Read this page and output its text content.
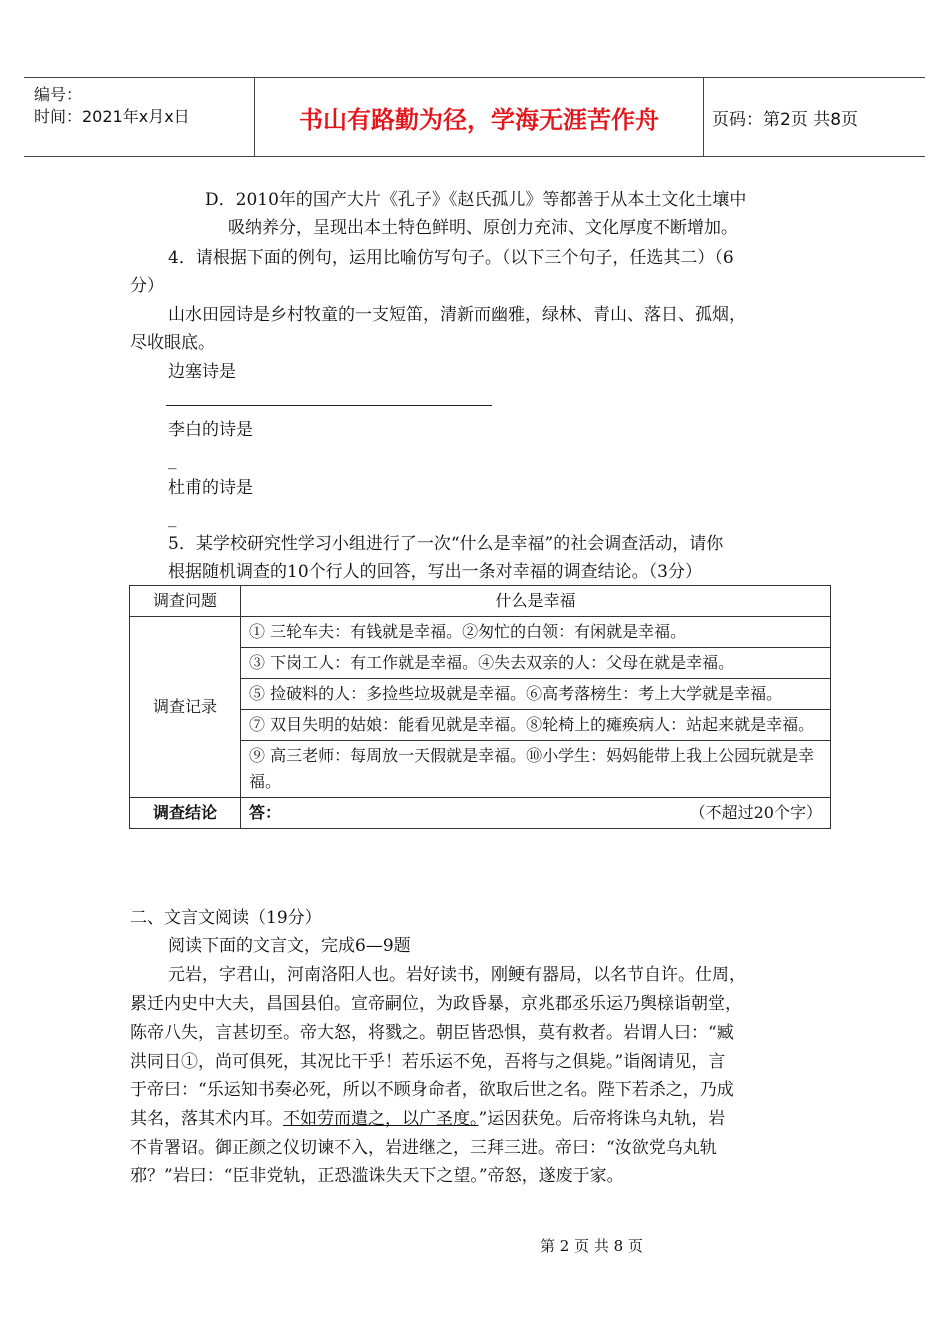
编号：
时间：2021年x月x日	书山有路勤为径，学海无涯苦作舟	页码：第2页 共8页
D．2010年的国产大片《孔子》《赵氏孤儿》等都善于从本土文化土壤中
吸纳养分，呈现出本土特色鲜明、原创力充沛、文化厚度不断增加。
4．请根据下面的例句，运用比喻仿写句子。（以下三个句子，任选其二）（6
分）
山水田园诗是乡村牧童的一支短笛，清新而幽雅，绿林、青山、落日、孤烟，
尽收眼底。
边塞诗是
李白的诗是
_
杜甫的诗是
_
5．某学校研究性学习小组进行了一次“什么是幸福”的社会调查活动，请你
根据随机调查的10个行人的回答，写出一条对幸福的调查结论。（3分）
调查问题	什么是幸福
调查记录	① 三轮车夫：有钱就是幸福。②匆忙的白领：有闲就是幸福。
	③ 下岗工人：有工作就是幸福。④失去双亲的人：父母在就是幸福。
	⑤ 捡破料的人：多捡些垃圾就是幸福。⑥高考落榜生：考上大学就是幸福。
	⑦ 双目失明的姑娘：能看见就是幸福。⑧轮椅上的瘫痪病人：站起来就是幸福。
	⑨ 高三老师：每周放一天假就是幸福。⑩小学生：妈妈能带上我上公园玩就是幸福。
调查结论	答： （不超过20个字）
二、文言文阅读（19分）
阅读下面的文言文，完成6—9题
元岩，字君山，河南洛阳人也。岩好读书，刚鲠有器局，以名节自许。仕周，
累迁内史中大夫，昌国县伯。宣帝嗣位，为政昏暴，京兆郡丞乐运乃舆榇诣朝堂，
陈帝八失，言甚切至。帝大怒，将戮之。朝臣皆恐惧，莫有救者。岩谓人曰：“臧
洪同日①，尚可俱死，其况比干乎！若乐运不免，吾将与之俱毙。”诣阁请见，言
于帝曰：“乐运知书奏必死，所以不顾身命者，欲取后世之名。陛下若杀之，乃成
其名，落其术内耳。不如劳而遣之，以广圣度。”运因获免。后帝将诛乌丸轨，岩
不肯署诏。御正颜之仪切谏不入，岩进继之，三拜三进。帝曰：“汝欲党乌丸轨
邪？”岩曰：“臣非党轨，正恐滥诛失天下之望。”帝怒，遂废于家。
第 2 页 共 8 页
